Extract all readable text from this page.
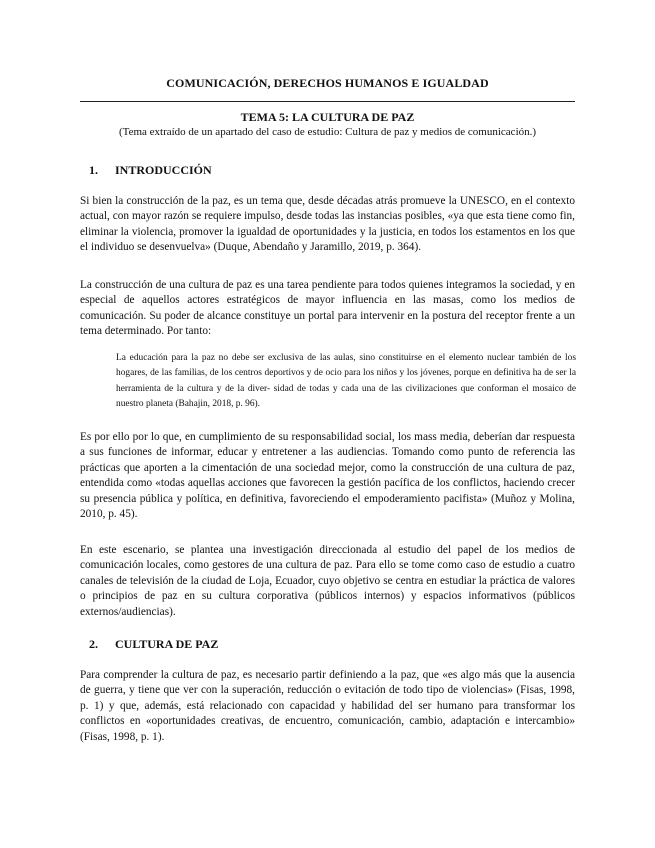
COMUNICACIÓN, DERECHOS HUMANOS E IGUALDAD
TEMA 5: LA CULTURA DE PAZ
(Tema extraído de un apartado del caso de estudio: Cultura de paz y medios de comunicación.)
1. INTRODUCCIÓN

Si bien la construcción de la paz, es un tema que, desde décadas atrás promueve la UNESCO, en el contexto actual, con mayor razón se requiere impulso, desde todas las instancias posibles, «ya que esta tiene como fin, eliminar la violencia, promover la igualdad de oportunidades y la justicia, en todos los estamentos en los que el individuo se desenvuelva» (Duque, Abendaño y Jaramillo, 2019, p. 364).

La construcción de una cultura de paz es una tarea pendiente para todos quienes integramos la sociedad, y en especial de aquellos actores estratégicos de mayor influencia en las masas, como los medios de comunicación. Su poder de alcance constituye un portal para intervenir en la postura del receptor frente a un tema determinado. Por tanto:

La educación para la paz no debe ser exclusiva de las aulas, sino constituirse en el elemento nuclear también de los hogares, de las familias, de los centros deportivos y de ocio para los niños y los jóvenes, porque en definitiva ha de ser la herramienta de la cultura y de la diver- sidad de todas y cada una de las civilizaciones que conforman el mosaico de nuestro planeta (Bahajin, 2018, p. 96).

Es por ello por lo que, en cumplimiento de su responsabilidad social, los mass media, deberían dar respuesta a sus funciones de informar, educar y entretener a las audiencias. Tomando como punto de referencia las prácticas que aporten a la cimentación de una sociedad mejor, como la construcción de una cultura de paz, entendida como «todas aquellas acciones que favorecen la gestión pacífica de los conflictos, haciendo crecer su presencia pública y política, en definitiva, favoreciendo el empoderamiento pacifista» (Muñoz y Molina, 2010, p. 45).

En este escenario, se plantea una investigación direccionada al estudio del papel de los medios de comunicación locales, como gestores de una cultura de paz. Para ello se tome como caso de estudio a cuatro canales de televisión de la ciudad de Loja, Ecuador, cuyo objetivo se centra en estudiar la práctica de valores o principios de paz en su cultura corporativa (públicos internos) y espacios informativos (públicos externos/audiencias).

2. CULTURA DE PAZ

Para comprender la cultura de paz, es necesario partir definiendo a la paz, que «es algo más que la ausencia de guerra, y tiene que ver con la superación, reducción o evitación de todo tipo de violencias» (Fisas, 1998, p. 1) y que, además, está relacionado con capacidad y habilidad del ser humano para transformar los conflictos en «oportunidades creativas, de encuentro, comunicación, cambio, adaptación e intercambio» (Fisas, 1998, p. 1).
